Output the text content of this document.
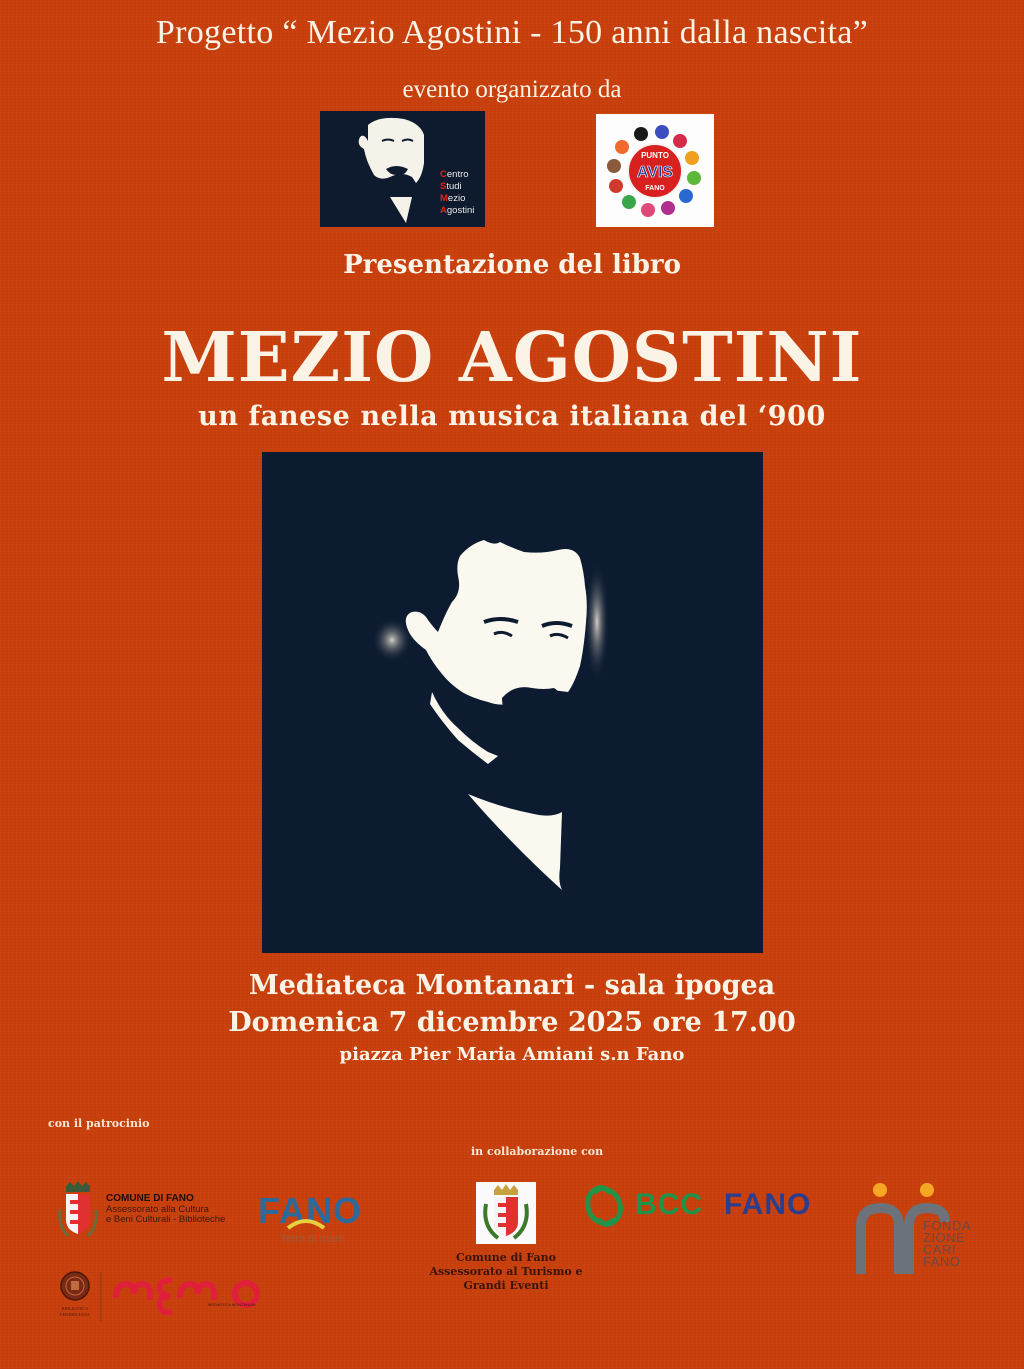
Progetto “ Mezio Agostini - 150 anni dalla nascita”
evento organizzato da
Centro
Studi
Mezio
Agostini
PUNTO
AVIS
FANO
Presentazione del libro
MEZIO AGOSTINI
un fanese nella musica italiana del ‘900
Mediateca Montanari - sala ipogea
Domenica 7 dicembre 2025 ore 17.00
piazza Pier Maria Amiani s.n Fano
con il patrocinio
in collaborazione con
COMUNE DI FANO
Assessorato alla Cultura
e Beni Culturali - Biblioteche FANO
Terra di mare
BIBLIOTECA
FEDERICIANA
MEDIATECA MONTANARI
Comune di Fano
Assessorato al Turismo e
Grandi Eventi
BCC FANO
FONDA
ZIONE
CARI
FANO
